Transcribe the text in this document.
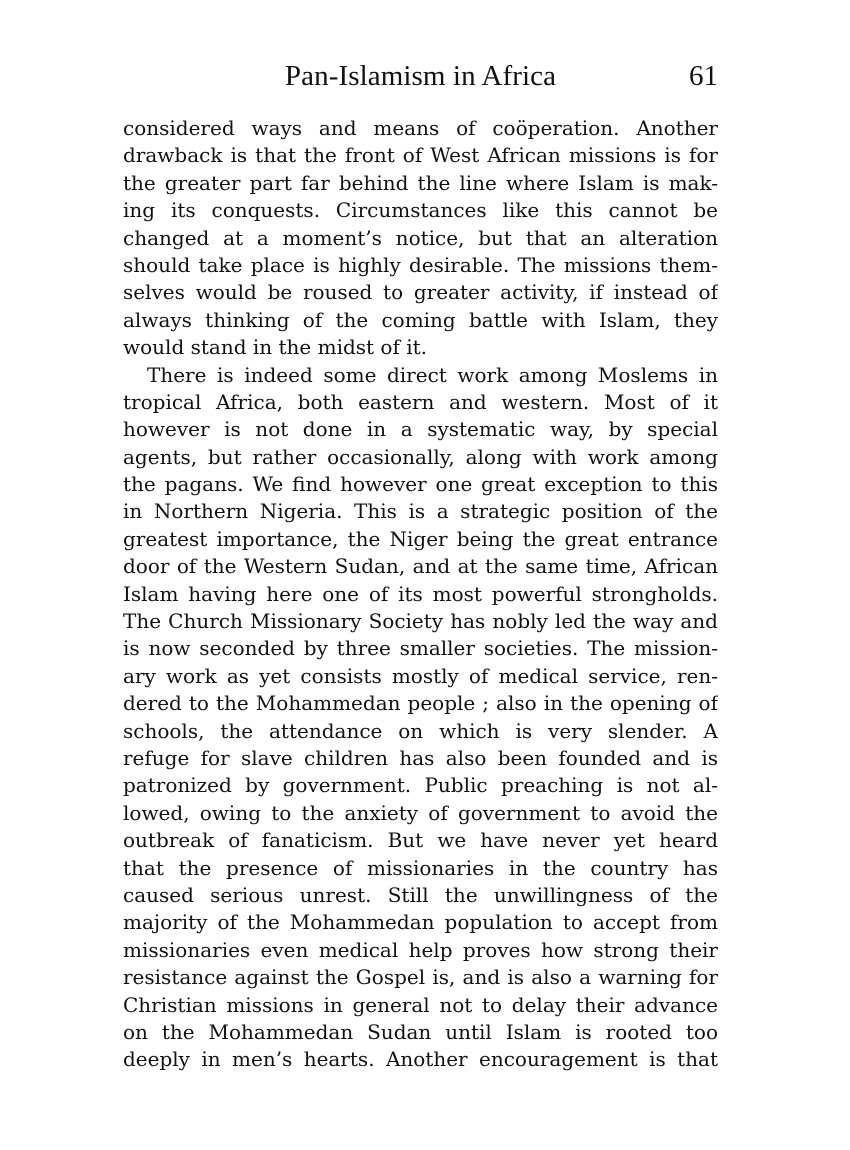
Pan-Islamism in Africa	61
considered ways and means of coöperation. Another
drawback is that the front of West African missions is for
the greater part far behind the line where Islam is mak-
ing its conquests. Circumstances like this cannot be
changed at a moment’s notice, but that an alteration
should take place is highly desirable. The missions them-
selves would be roused to greater activity, if instead of
always thinking of the coming battle with Islam, they
would stand in the midst of it.
There is indeed some direct work among Moslems in
tropical Africa, both eastern and western. Most of it
however is not done in a systematic way, by special
agents, but rather occasionally, along with work among
the pagans. We find however one great exception to this
in Northern Nigeria. This is a strategic position of the
greatest importance, the Niger being the great entrance
door of the Western Sudan, and at the same time, African
Islam having here one of its most powerful strongholds.
The Church Missionary Society has nobly led the way and
is now seconded by three smaller societies. The mission-
ary work as yet consists mostly of medical service, ren-
dered to the Mohammedan people ; also in the opening of
schools, the attendance on which is very slender. A
refuge for slave children has also been founded and is
patronized by government. Public preaching is not al-
lowed, owing to the anxiety of government to avoid the
outbreak of fanaticism. But we have never yet heard
that the presence of missionaries in the country has
caused serious unrest. Still the unwillingness of the
majority of the Mohammedan population to accept from
missionaries even medical help proves how strong their
resistance against the Gospel is, and is also a warning for
Christian missions in general not to delay their advance
on the Mohammedan Sudan until Islam is rooted too
deeply in men’s hearts. Another encouragement is that
